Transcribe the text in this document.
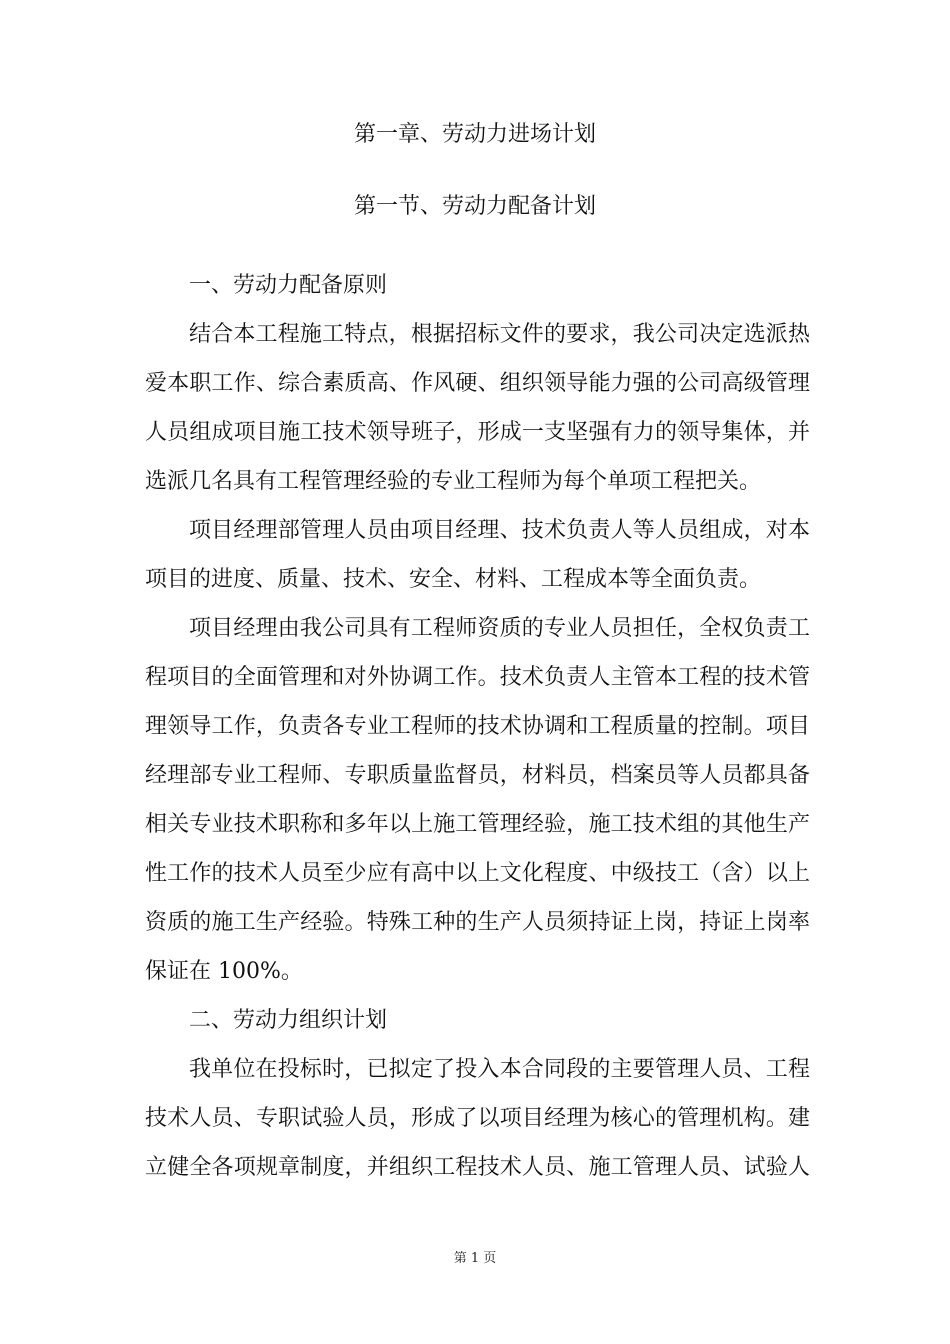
第一章、劳动力进场计划
第一节、劳动力配备计划
一、劳动力配备原则
结合本工程施工特点，根据招标文件的要求，我公司决定选派热
爱本职工作、综合素质高、作风硬、组织领导能力强的公司高级管理
人员组成项目施工技术领导班子，形成一支坚强有力的领导集体，并
选派几名具有工程管理经验的专业工程师为每个单项工程把关。
项目经理部管理人员由项目经理、技术负责人等人员组成，对本
项目的进度、质量、技术、安全、材料、工程成本等全面负责。
项目经理由我公司具有工程师资质的专业人员担任，全权负责工
程项目的全面管理和对外协调工作。技术负责人主管本工程的技术管
理领导工作，负责各专业工程师的技术协调和工程质量的控制。项目
经理部专业工程师、专职质量监督员，材料员，档案员等人员都具备
相关专业技术职称和多年以上施工管理经验，施工技术组的其他生产
性工作的技术人员至少应有高中以上文化程度、中级技工（含）以上
资质的施工生产经验。特殊工种的生产人员须持证上岗，持证上岗率
保证在 100%。
二、劳动力组织计划
我单位在投标时，已拟定了投入本合同段的主要管理人员、工程
技术人员、专职试验人员，形成了以项目经理为核心的管理机构。建
立健全各项规章制度，并组织工程技术人员、施工管理人员、试验人
第 1 页
